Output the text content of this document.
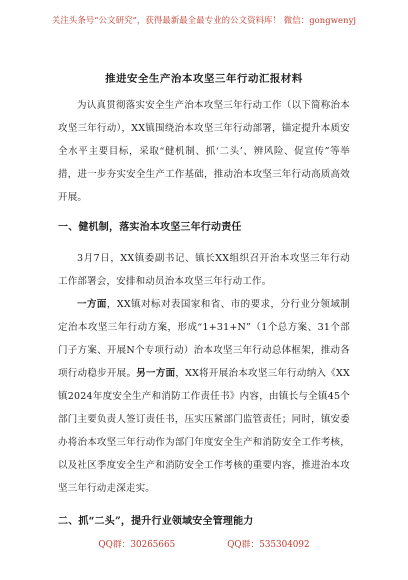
关注头条号“公文研究”，获得最新最全最专业的公文资料库！ 微信：gongwenyj
推进安全生产治本攻坚三年行动汇报材料

为认真贯彻落实安全生产治本攻坚三年行动工作（以下简称治本攻坚三年行动），XX镇围绕治本攻坚三年行动部署，锚定提升本质安全水平主要目标，采取“健机制、抓‘二头’、辨风险、促宣传”等举措，进一步夯实安全生产工作基础，推动治本攻坚三年行动高质高效开展。

一、健机制，落实治本攻坚三年行动责任

3月7日，XX镇委副书记、镇长XX组织召开治本攻坚三年行动工作部署会，安排和动员治本攻坚三年行动工作。

一方面，XX镇对标对表国家和省、市的要求，分行业分领域制定治本攻坚三年行动方案，形成“1+31+N”（1个总方案、31个部门子方案、开展N个专项行动）治本攻坚三年行动总体框架，推动各项行动稳步开展。另一方面，XX将开展治本攻坚三年行动纳入《XX镇2024年度安全生产和消防工作责任书》内容，由镇长与全镇45个部门主要负责人签订责任书，压实压紧部门监管责任；同时，镇安委办将治本攻坚三年行动作为部门年度安全生产和消防安全工作考核，以及社区季度安全生产和消防安全工作考核的重要内容，推进治本攻坚三年行动走深走实。

二、抓“二头”，提升行业领域安全管理能力
QQ群：30265665	QQ群：535304092
